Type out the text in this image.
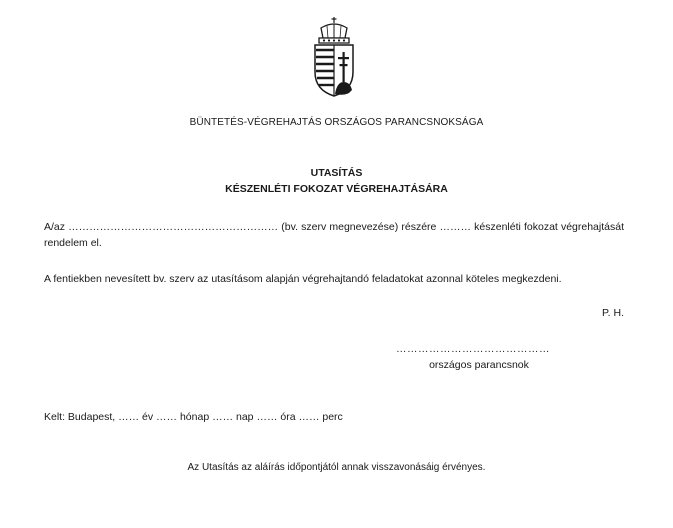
BÜNTETÉS-VÉGREHAJTÁS ORSZÁGOS PARANCSNOKSÁGA
UTASÍTÁS
KÉSZENLÉTI FOKOZAT VÉGREHAJTÁSÁRA
A/az …………………………………………………… (bv. szerv megnevezése) részére ……… készenléti fokozat végrehajtását rendelem el.
A fentiekben nevesített bv. szerv az utasításom alapján végrehajtandó feladatokat azonnal köteles megkezdeni.
P. H.
……………………………………
országos parancsnok
Kelt: Budapest, …… év …… hónap …… nap …… óra …… perc
Az Utasítás az aláírás időpontjától annak visszavonásáig érvényes.
